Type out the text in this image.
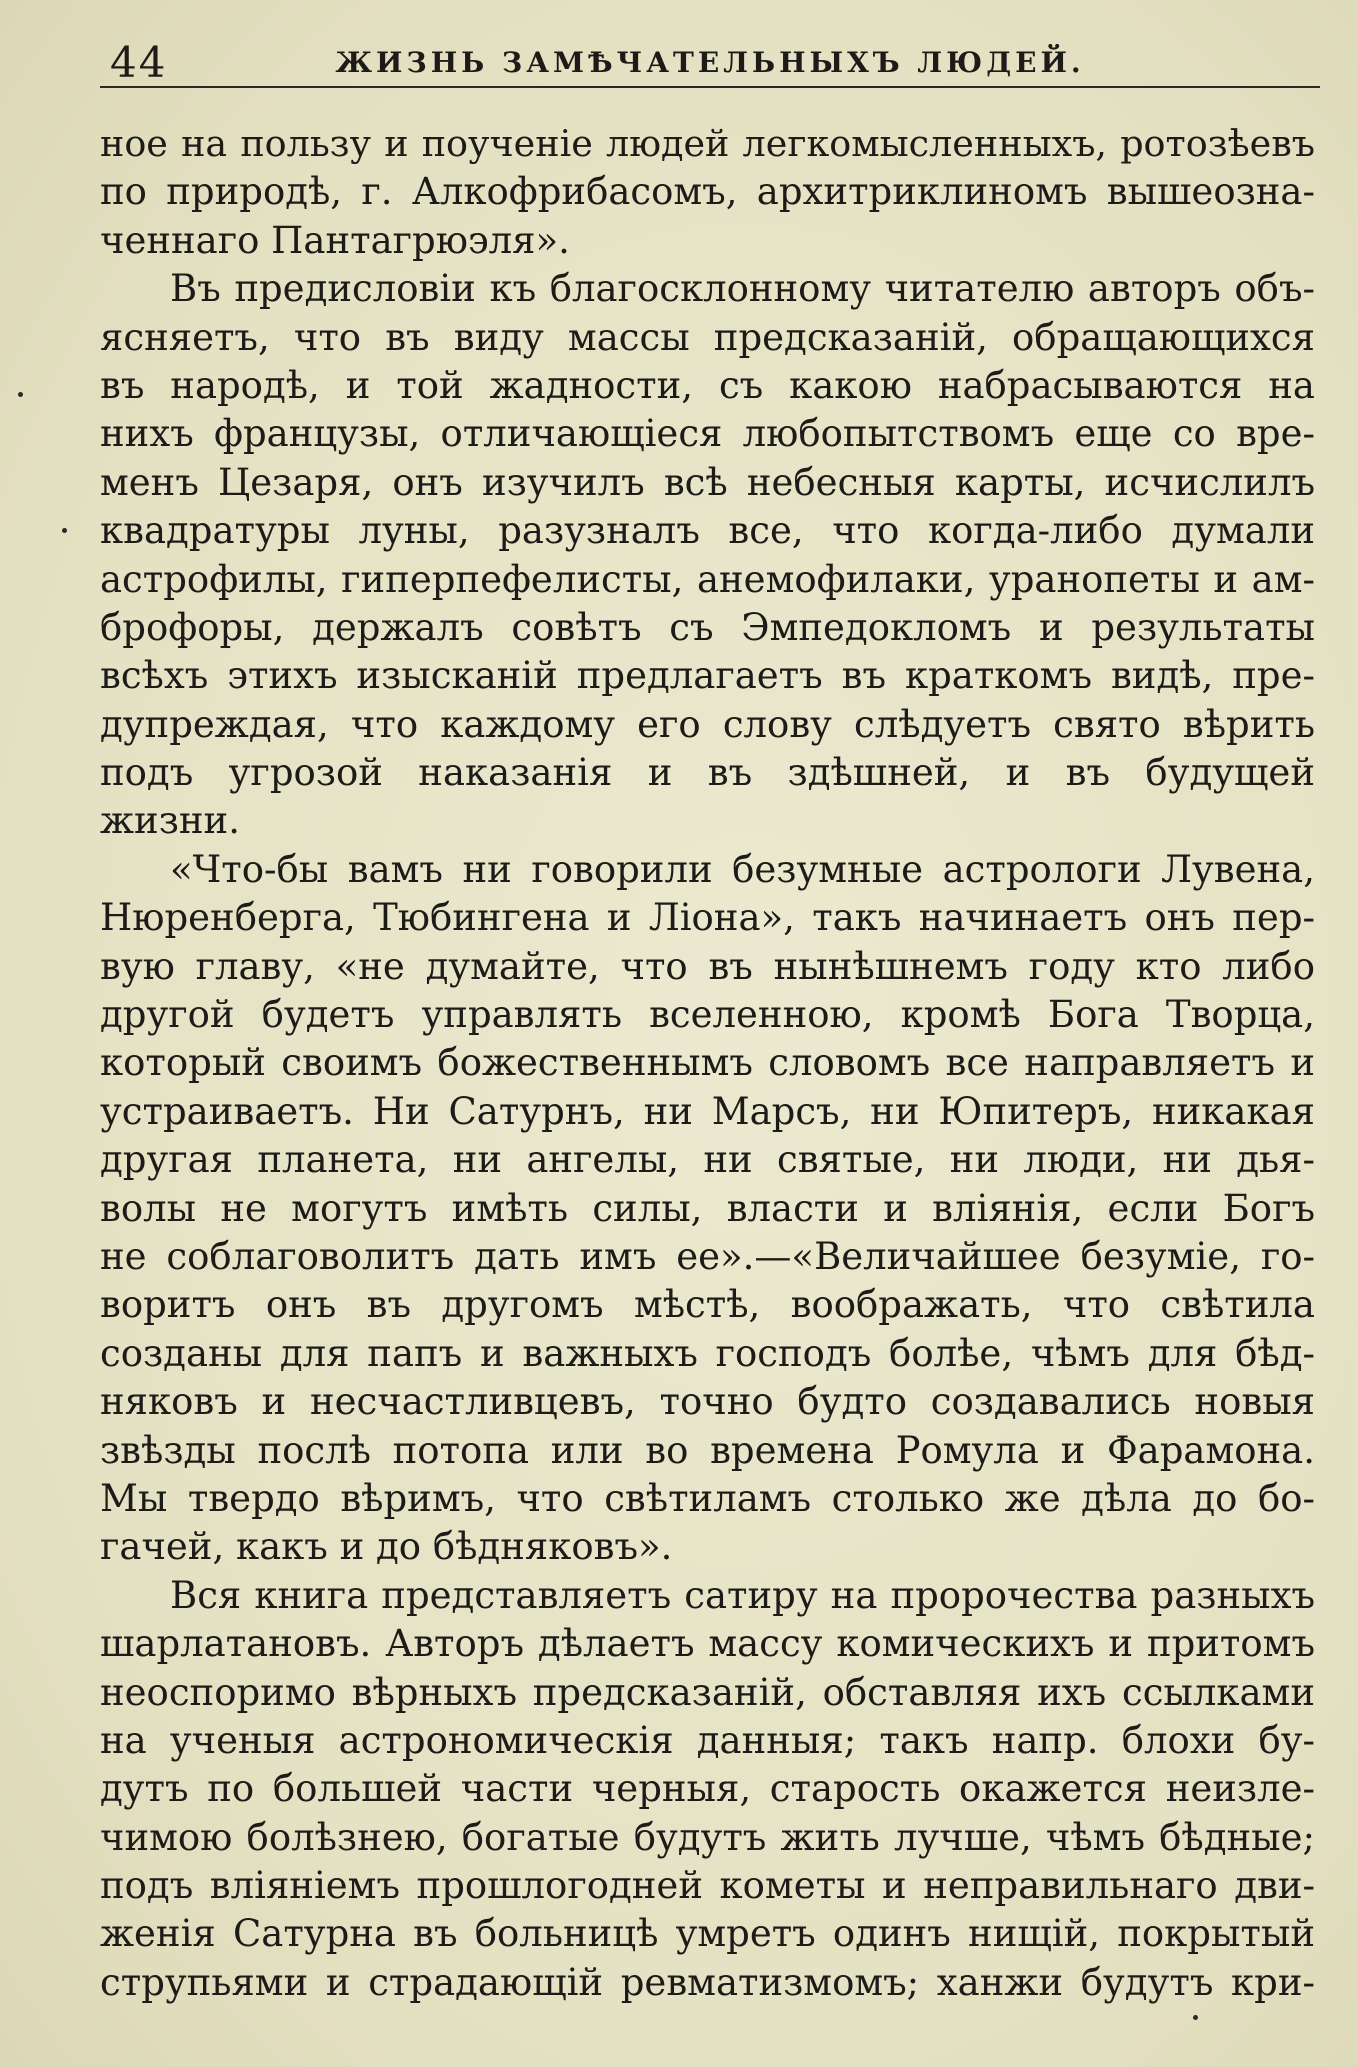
44	ЖИЗНЬ ЗАМѢЧАТЕЛЬНЫХЪ ЛЮДЕЙ.
ное на пользу и поученіе людей легкомысленныхъ, ротозѣевъ
по природѣ, г. Алкофрибасомъ, архитриклиномъ вышеозна-
ченнаго Пантагрюэля».
Въ предисловіи къ благосклонному читателю авторъ объ-
ясняетъ, что въ виду массы предсказаній, обращающихся
въ народѣ, и той жадности, съ какою набрасываются на
нихъ французы, отличающіеся любопытствомъ еще со вре-
менъ Цезаря, онъ изучилъ всѣ небесныя карты, исчислилъ
квадратуры луны, разузналъ все, что когда-либо думали
астрофилы, гиперпефелисты, анемофилаки, уранопеты и ам-
брофоры, держалъ совѣтъ съ Эмпедокломъ и результаты
всѣхъ этихъ изысканій предлагаетъ въ краткомъ видѣ, пре-
дупреждая, что каждому его слову слѣдуетъ свято вѣрить
подъ угрозой наказанія и въ здѣшней, и въ будущей
жизни.
«Что-бы вамъ ни говорили безумные астрологи Лувена,
Нюренберга, Тюбингена и Ліона», такъ начинаетъ онъ пер-
вую главу, «не думайте, что въ нынѣшнемъ году кто либо
другой будетъ управлять вселенною, кромѣ Бога Творца,
который своимъ божественнымъ словомъ все направляетъ и
устраиваетъ. Ни Сатурнъ, ни Марсъ, ни Юпитеръ, никакая
другая планета, ни ангелы, ни святые, ни люди, ни дья-
волы не могутъ имѣть силы, власти и вліянія, если Богъ
не соблаговолитъ дать имъ ее».—«Величайшее безуміе, го-
воритъ онъ въ другомъ мѣстѣ, воображать, что свѣтила
созданы для папъ и важныхъ господъ болѣе, чѣмъ для бѣд-
няковъ и несчастливцевъ, точно будто создавались новыя
звѣзды послѣ потопа или во времена Ромула и Фарамона.
Мы твердо вѣримъ, что свѣтиламъ столько же дѣла до бо-
гачей, какъ и до бѣдняковъ».
Вся книга представляетъ сатиру на пророчества разныхъ
шарлатановъ. Авторъ дѣлаетъ массу комическихъ и притомъ
неоспоримо вѣрныхъ предсказаній, обставляя ихъ ссылками
на ученыя астрономическія данныя; такъ напр. блохи бу-
дутъ по большей части черныя, старость окажется неизле-
чимою болѣзнею, богатые будутъ жить лучше, чѣмъ бѣдные;
подъ вліяніемъ прошлогодней кометы и неправильнаго дви-
женія Сатурна въ больницѣ умретъ одинъ нищій, покрытый
струпьями и страдающій ревматизмомъ; ханжи будутъ кри-
